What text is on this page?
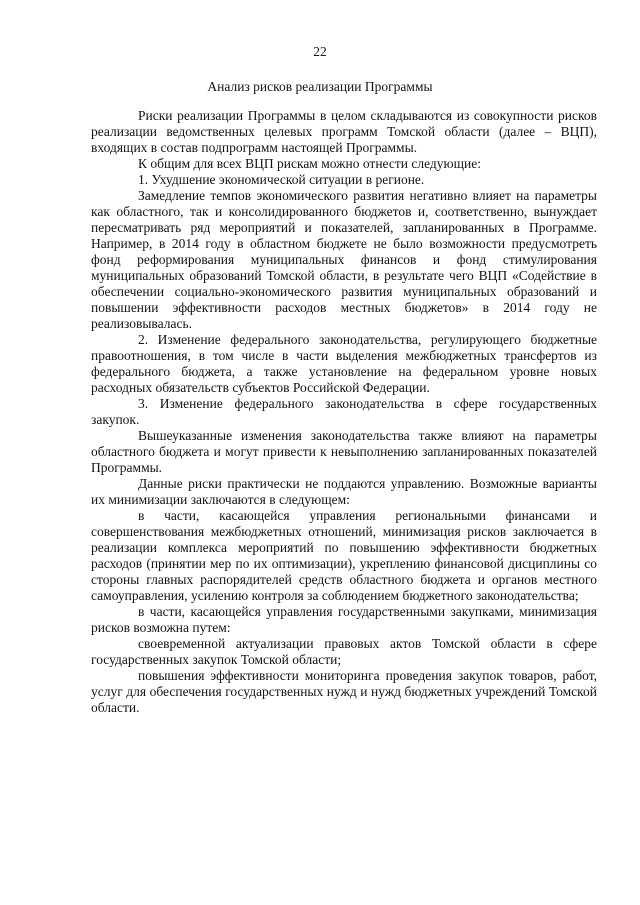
22
Анализ рисков реализации Программы

Риски реализации Программы в целом складываются из совокупности рисков реализации ведомственных целевых программ Томской области (далее – ВЦП), входящих в состав подпрограмм настоящей Программы.

К общим для всех ВЦП рискам можно отнести следующие:

1. Ухудшение экономической ситуации в регионе.

Замедление темпов экономического развития негативно влияет на параметры как областного, так и консолидированного бюджетов и, соответственно, вынуждает пересматривать ряд мероприятий и показателей, запланированных в Программе. Например, в 2014 году в областном бюджете не было возможности предусмотреть фонд реформирования муниципальных финансов и фонд стимулирования муниципальных образований Томской области, в результате чего ВЦП «Содействие в обеспечении социально-экономического развития муниципальных образований и повышении эффективности расходов местных бюджетов» в 2014 году не реализовывалась.

2. Изменение федерального законодательства, регулирующего бюджетные правоотношения, в том числе в части выделения межбюджетных трансфертов из федерального бюджета, а также установление на федеральном уровне новых расходных обязательств субъектов Российской Федерации.

3. Изменение федерального законодательства в сфере государственных закупок.

Вышеуказанные изменения законодательства также влияют на параметры областного бюджета и могут привести к невыполнению запланированных показателей Программы.

Данные риски практически не поддаются управлению. Возможные варианты их минимизации заключаются в следующем:

в части, касающейся управления региональными финансами и совершенствования межбюджетных отношений, минимизация рисков заключается в реализации комплекса мероприятий по повышению эффективности бюджетных расходов (принятии мер по их оптимизации), укреплению финансовой дисциплины со стороны главных распорядителей средств областного бюджета и органов местного самоуправления, усилению контроля за соблюдением бюджетного законодательства;

в части, касающейся управления государственными закупками, минимизация рисков возможна путем:

своевременной актуализации правовых актов Томской области в сфере государственных закупок Томской области;

повышения эффективности мониторинга проведения закупок товаров, работ, услуг для обеспечения государственных нужд и нужд бюджетных учреждений Томской области.
